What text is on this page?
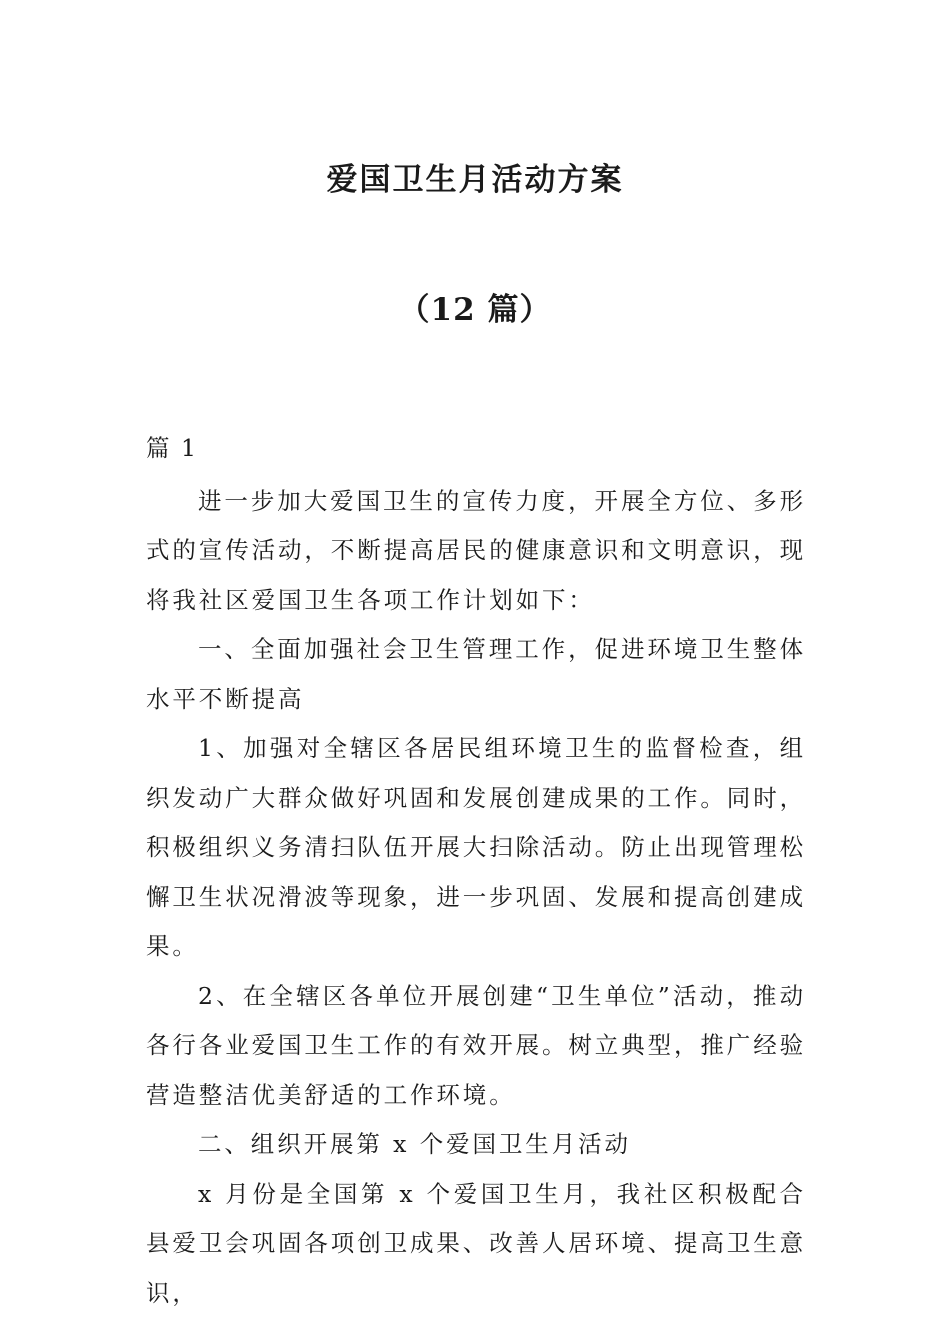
爱国卫生月活动方案
（12 篇）

篇 1

进一步加大爱国卫生的宣传力度，开展全方位、多形式的宣传活动，不断提高居民的健康意识和文明意识，现将我社区爱国卫生各项工作计划如下：

一、全面加强社会卫生管理工作，促进环境卫生整体水平不断提高

1、加强对全辖区各居民组环境卫生的监督检查，组织发动广大群众做好巩固和发展创建成果的工作。同时，积极组织义务清扫队伍开展大扫除活动。防止出现管理松懈卫生状况滑波等现象，进一步巩固、发展和提高创建成果。

2、在全辖区各单位开展创建“卫生单位”活动，推动各行各业爱国卫生工作的有效开展。树立典型，推广经验营造整洁优美舒适的工作环境。

二、组织开展第 x 个爱国卫生月活动

x 月份是全国第 x 个爱国卫生月，我社区积极配合县爱卫会巩固各项创卫成果、改善人居环境、提高卫生意识，
